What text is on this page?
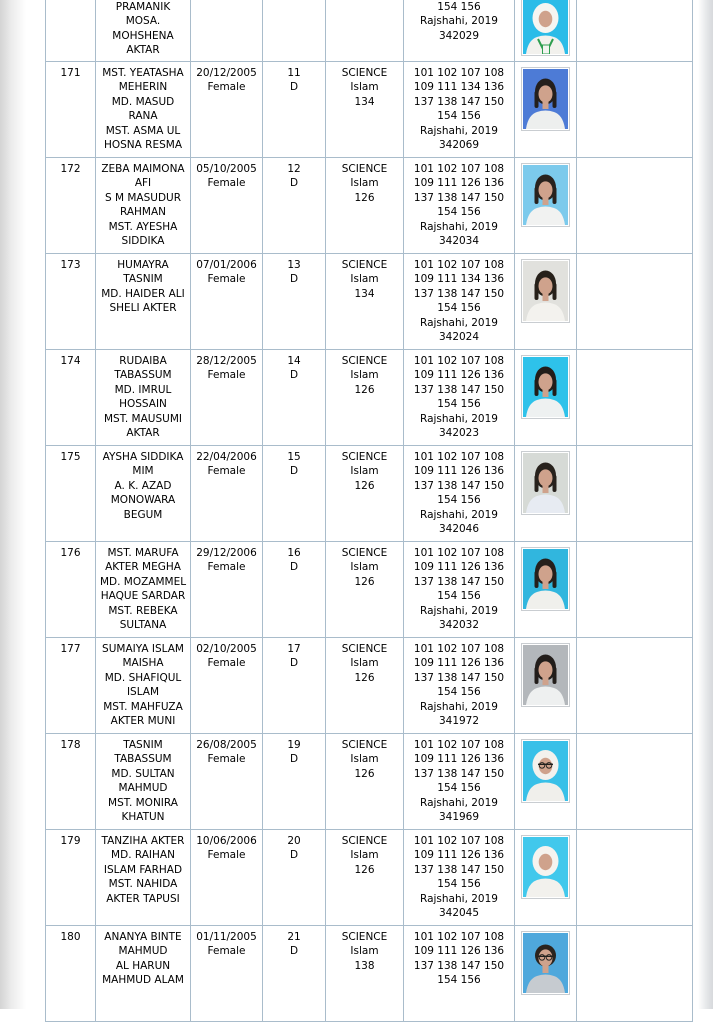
PRAMANIK
MOSA.
MOHSHENA
AKTAR

154 156
Rajshahi, 2019
342029

171	MST. YEATASHA
MEHERIN
MD. MASUD
RANA
MST. ASMA UL
HOSNA RESMA

20/12/2005
Female

11
D

SCIENCE
Islam
134

101 102 107 108
109 111 134 136
137 138 147 150
154 156
Rajshahi, 2019
342069

172	ZEBA MAIMONA
AFI
S M MASUDUR
RAHMAN
MST. AYESHA
SIDDIKA

05/10/2005
Female

12
D

SCIENCE
Islam
126

101 102 107 108
109 111 126 136
137 138 147 150
154 156
Rajshahi, 2019
342034

173	HUMAYRA
TASNIM
MD. HAIDER ALI
SHELI AKTER

07/01/2006
Female

13
D

SCIENCE
Islam
134

101 102 107 108
109 111 134 136
137 138 147 150
154 156
Rajshahi, 2019
342024

174	RUDAIBA
TABASSUM
MD. IMRUL
HOSSAIN
MST. MAUSUMI
AKTAR

28/12/2005
Female

14
D

SCIENCE
Islam
126

101 102 107 108
109 111 126 136
137 138 147 150
154 156
Rajshahi, 2019
342023

175	AYSHA SIDDIKA
MIM
A. K. AZAD
MONOWARA
BEGUM

22/04/2006
Female

15
D

SCIENCE
Islam
126

101 102 107 108
109 111 126 136
137 138 147 150
154 156
Rajshahi, 2019
342046

176	MST. MARUFA
AKTER MEGHA
MD. MOZAMMEL
HAQUE SARDAR
MST. REBEKA
SULTANA

29/12/2006
Female

16
D

SCIENCE
Islam
126

101 102 107 108
109 111 126 136
137 138 147 150
154 156
Rajshahi, 2019
342032

177	SUMAIYA ISLAM
MAISHA
MD. SHAFIQUL
ISLAM
MST. MAHFUZA
AKTER MUNI

02/10/2005
Female

17
D

SCIENCE
Islam
126

101 102 107 108
109 111 126 136
137 138 147 150
154 156
Rajshahi, 2019
341972

178	TASNIM
TABASSUM
MD. SULTAN
MAHMUD
MST. MONIRA
KHATUN

26/08/2005
Female

19
D

SCIENCE
Islam
126

101 102 107 108
109 111 126 136
137 138 147 150
154 156
Rajshahi, 2019
341969

179	TANZIHA AKTER
MD. RAIHAN
ISLAM FARHAD
MST. NAHIDA
AKTER TAPUSI

10/06/2006
Female

20
D

SCIENCE
Islam
126

101 102 107 108
109 111 126 136
137 138 147 150
154 156
Rajshahi, 2019
342045

180	ANANYA BINTE
MAHMUD
AL HARUN
MAHMUD ALAM

01/11/2005
Female

21
D

SCIENCE
Islam
138

101 102 107 108
109 111 126 136
137 138 147 150
154 156
